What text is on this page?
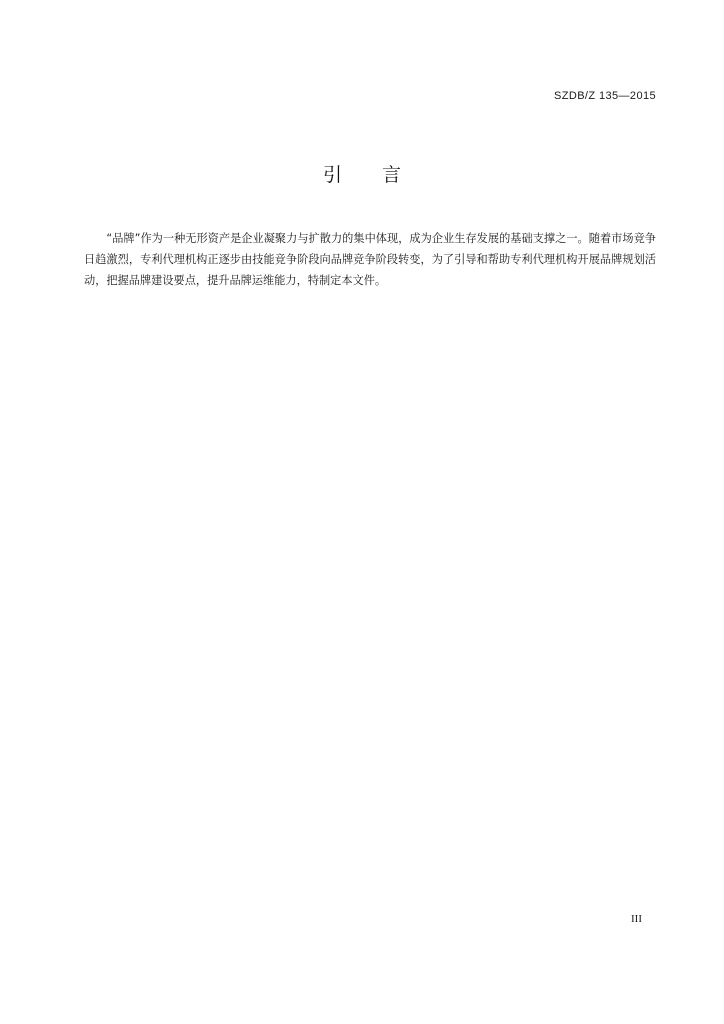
SZDB/Z 135—2015
引 言

“品牌”作为一种无形资产是企业凝聚力与扩散力的集中体现，成为企业生存发展的基础支撑之一。随着市场竞争日趋激烈，专利代理机构正逐步由技能竞争阶段向品牌竞争阶段转变，为了引导和帮助专利代理机构开展品牌规划活动，把握品牌建设要点，提升品牌运维能力，特制定本文件。

III
